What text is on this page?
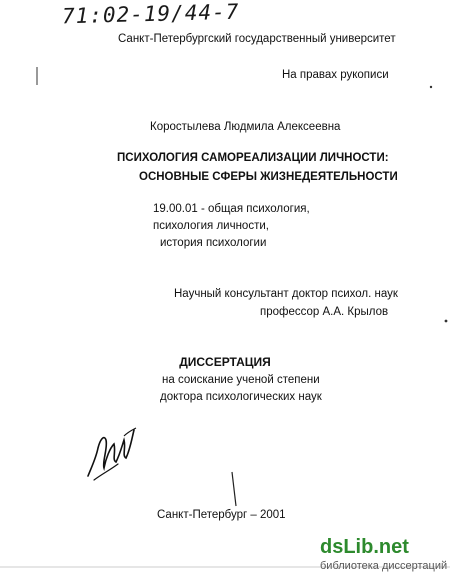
71:02-19/44-7
Санкт-Петербургский государственный университет
На правах рукописи
Коростылева Людмила Алексеевна
ПСИХОЛОГИЯ САМОРЕАЛИЗАЦИИ ЛИЧНОСТИ:
ОСНОВНЫЕ СФЕРЫ ЖИЗНЕДЕЯТЕЛЬНОСТИ
19.00.01 - общая психология,
психология личности,
история психологии
Научный консультант доктор психол. наук
профессор А.А. Крылов
ДИССЕРТАЦИЯ
на соискание ученой степени
доктора психологических наук
Санкт-Петербург – 2001
dsLib.net
библиотека диссертаций
